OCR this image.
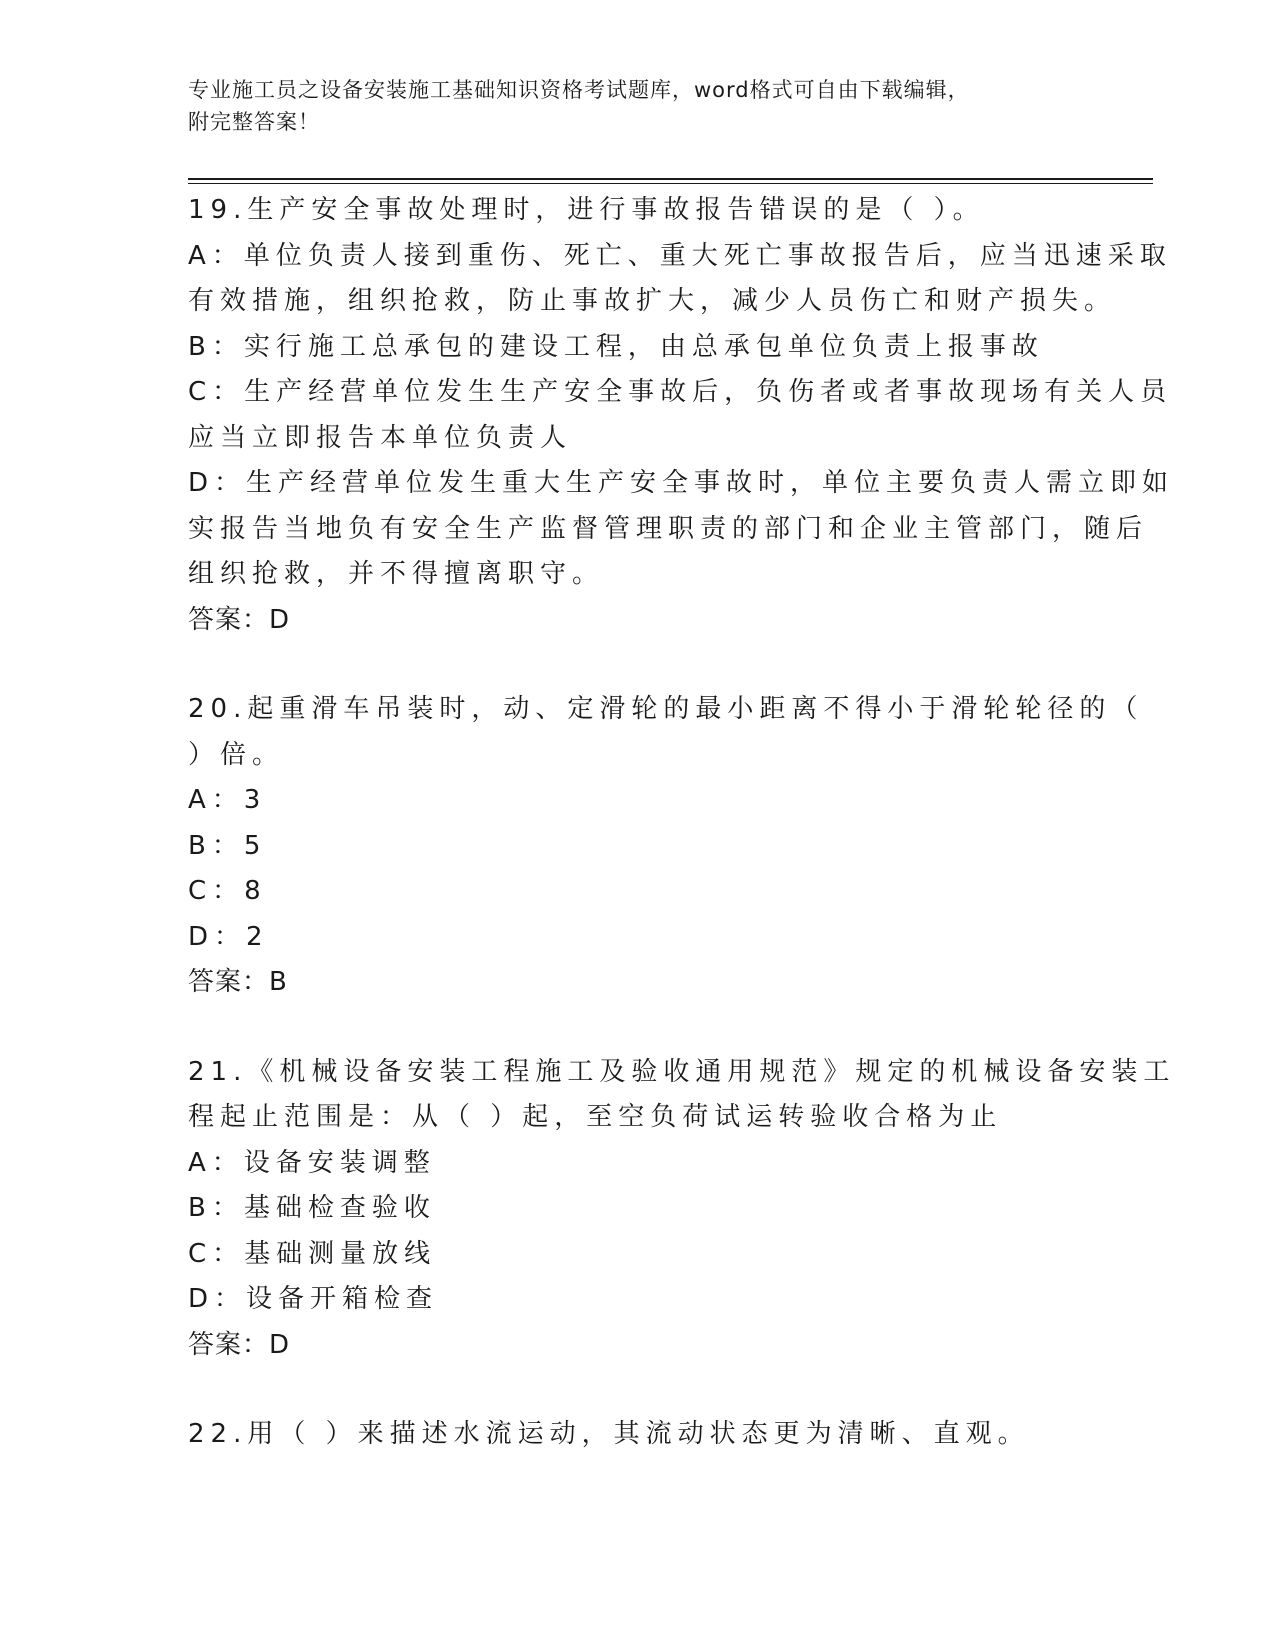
专业施工员之设备安装施工基础知识资格考试题库，word格式可自由下载编辑，
附完整答案！
19.生产安全事故处理时，进行事故报告错误的是（ ）。
A：单位负责人接到重伤、死亡、重大死亡事故报告后，应当迅速采取
有效措施，组织抢救，防止事故扩大，减少人员伤亡和财产损失。
B：实行施工总承包的建设工程，由总承包单位负责上报事故
C：生产经营单位发生生产安全事故后，负伤者或者事故现场有关人员
应当立即报告本单位负责人
D：生产经营单位发生重大生产安全事故时，单位主要负责人需立即如
实报告当地负有安全生产监督管理职责的部门和企业主管部门，随后
组织抢救，并不得擅离职守。
答案：D
20.起重滑车吊装时，动、定滑轮的最小距离不得小于滑轮轮径的（
）倍。
A：3
B：5
C：8
D：2
答案：B
21.《机械设备安装工程施工及验收通用规范》规定的机械设备安装工
程起止范围是：从（ ）起，至空负荷试运转验收合格为止
A：设备安装调整
B：基础检查验收
C：基础测量放线
D：设备开箱检查
答案：D
22.用（ ）来描述水流运动，其流动状态更为清晰、直观。
